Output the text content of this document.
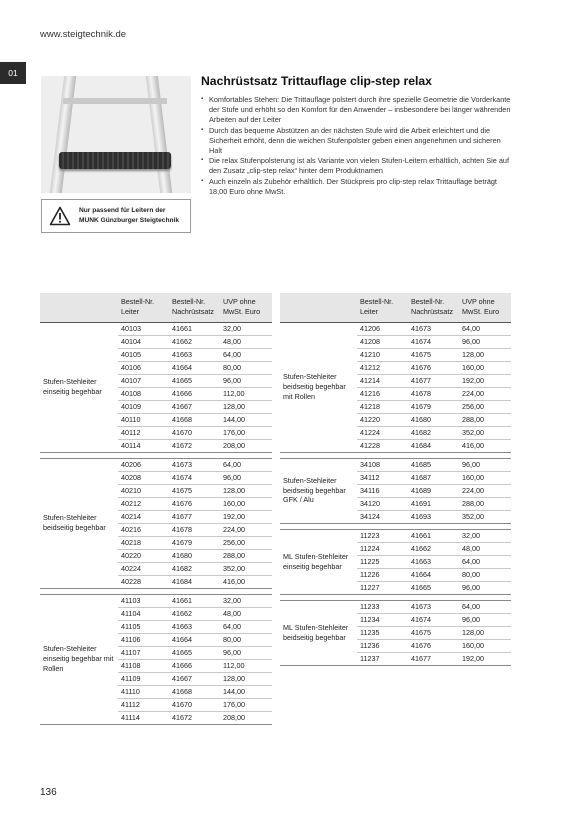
www.steigtechnik.de
01
Nur passend für Leitern der
MUNK Günzburger Steigtechnik
Nachrüstsatz Trittauflage clip-step relax
▪ Komfortables Stehen: Die Trittauflage polstert durch ihre spezielle Geometrie die Vorderkante der Stufe und erhöht so den Komfort für den Anwender – insbesondere bei länger währenden Arbeiten auf der Leiter
▪ Durch das bequeme Abstützen an der nächsten Stufe wird die Arbeit erleichtert und die Sicherheit erhöht, denn die weichen Stufenpolster geben einen angenehmen und sicheren Halt
▪ Die relax Stufenpolsterung ist als Variante von vielen Stufen-Leitern erhältlich, achten Sie auf den Zusatz „clip-step relax“ hinter dem Produktnamen
▪ Auch einzeln als Zubehör erhältlich. Der Stückpreis pro clip-step relax Trittauflage beträgt 18,00 Euro ohne MwSt.
	Bestell-Nr. Leiter	Bestell-Nr. Nachrüstsatz	UVP ohne MwSt. Euro
Stufen-Stehleiter einseitig begehbar	40103	41661	32,00
	40104	41662	48,00
	40105	41663	64,00
	40106	41664	80,00
	40107	41665	96,00
	40108	41666	112,00
	40109	41667	128,00
	40110	41668	144,00
	40112	41670	176,00
	40114	41672	208,00

Stufen-Stehleiter beidseitig begehbar	40206	41673	64,00
	40208	41674	96,00
	40210	41675	128,00
	40212	41676	160,00
	40214	41677	192,00
	40216	41678	224,00
	40218	41679	256,00
	40220	41680	288,00
	40224	41682	352,00
	40228	41684	416,00

Stufen-Stehleiter einseitig begehbar mit Rollen	41103	41661	32,00
	41104	41662	48,00
	41105	41663	64,00
	41106	41664	80,00
	41107	41665	96,00
	41108	41666	112,00
	41109	41667	128,00
	41110	41668	144,00
	41112	41670	176,00
	41114	41672	208,00
	Bestell-Nr. Leiter	Bestell-Nr. Nachrüstsatz	UVP ohne MwSt. Euro
Stufen-Stehleiter beidseitig begehbar mit Rollen	41206	41673	64,00
	41208	41674	96,00
	41210	41675	128,00
	41212	41676	160,00
	41214	41677	192,00
	41216	41678	224,00
	41218	41679	256,00
	41220	41680	288,00
	41224	41682	352,00
	41228	41684	416,00

Stufen-Stehleiter beidseitig begehbar GFK / Alu	34108	41685	96,00
	34112	41687	160,00
	34116	41689	224,00
	34120	41691	288,00
	34124	41693	352,00

ML Stufen-Stehleiter einseitig begehbar	11223	41661	32,00
	11224	41662	48,00
	11225	41663	64,00
	11226	41664	80,00
	11227	41665	96,00

ML Stufen-Stehleiter beidseitig begehbar	11233	41673	64,00
	11234	41674	96,00
	11235	41675	128,00
	11236	41676	160,00
	11237	41677	192,00
136
